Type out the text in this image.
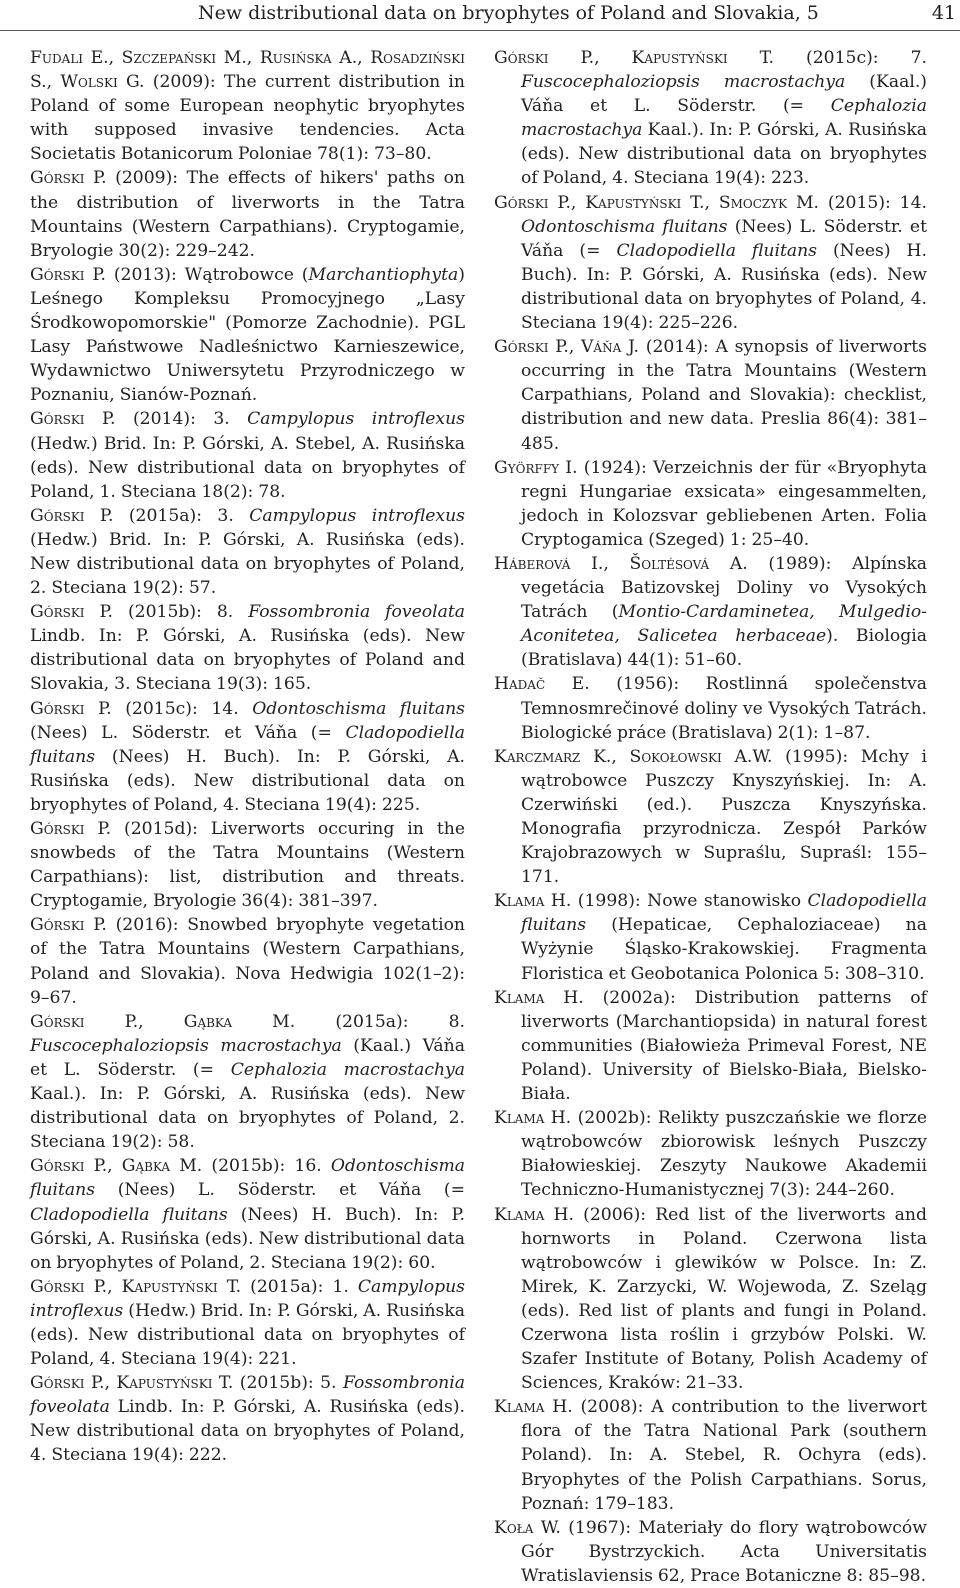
New distributional data on bryophytes of Poland and Slovakia, 5	41

Fudali E., Szczepański M., Rusińska A., Rosadziński S., Wolski G. (2009): The current distribution in Poland of some European neophytic bryophytes with supposed invasive tendencies. Acta Societatis Botanicorum Poloniae 78(1): 73–80.

Górski P. (2009): The effects of hikers' paths on the distribution of liverworts in the Tatra Mountains (Western Carpathians). Cryptogamie, Bryologie 30(2): 229–242.

Górski P. (2013): Wątrobowce (Marchantiophyta) Leśnego Kompleksu Promocyjnego „Lasy Środkowopomorskie" (Pomorze Zachodnie). PGL Lasy Państwowe Nadleśnictwo Karnieszewice, Wydawnictwo Uniwersytetu Przyrodniczego w Poznaniu, Sianów-Poznań.

Górski P. (2014): 3. Campylopus introflexus (Hedw.) Brid. In: P. Górski, A. Stebel, A. Rusińska (eds). New distributional data on bryophytes of Poland, 1. Steciana 18(2): 78.

Górski P. (2015a): 3. Campylopus introflexus (Hedw.) Brid. In: P. Górski, A. Rusińska (eds). New distributional data on bryophytes of Poland, 2. Steciana 19(2): 57.

Górski P. (2015b): 8. Fossombronia foveolata Lindb. In: P. Górski, A. Rusińska (eds). New distributional data on bryophytes of Poland and Slovakia, 3. Steciana 19(3): 165.

Górski P. (2015c): 14. Odontoschisma fluitans (Nees) L. Söderstr. et Váňa (= Cladopodiella fluitans (Nees) H. Buch). In: P. Górski, A. Rusińska (eds). New distributional data on bryophytes of Poland, 4. Steciana 19(4): 225.

Górski P. (2015d): Liverworts occuring in the snowbeds of the Tatra Mountains (Western Carpathians): list, distribution and threats. Cryptogamie, Bryologie 36(4): 381–397.

Górski P. (2016): Snowbed bryophyte vegetation of the Tatra Mountains (Western Carpathians, Poland and Slovakia). Nova Hedwigia 102(1–2): 9–67.

Górski P., Gąbka M. (2015a): 8. Fuscocephaloziopsis macrostachya (Kaal.) Váňa et L. Söderstr. (= Cephalozia macrostachya Kaal.). In: P. Górski, A. Rusińska (eds). New distributional data on bryophytes of Poland, 2. Steciana 19(2): 58.

Górski P., Gąbka M. (2015b): 16. Odontoschisma fluitans (Nees) L. Söderstr. et Váňa (= Cladopodiella fluitans (Nees) H. Buch). In: P. Górski, A. Rusińska (eds). New distributional data on bryophytes of Poland, 2. Steciana 19(2): 60.

Górski P., Kapustyński T. (2015a): 1. Campylopus introflexus (Hedw.) Brid. In: P. Górski, A. Rusińska (eds). New distributional data on bryophytes of Poland, 4. Steciana 19(4): 221.

Górski P., Kapustyński T. (2015b): 5. Fossombronia foveolata Lindb. In: P. Górski, A. Rusińska (eds). New distributional data on bryophytes of Poland, 4. Steciana 19(4): 222.

Górski P., Kapustyński T. (2015c): 7. Fuscocephaloziopsis macrostachya (Kaal.) Váňa et L. Söderstr. (= Cephalozia macrostachya Kaal.). In: P. Górski, A. Rusińska (eds). New distributional data on bryophytes of Poland, 4. Steciana 19(4): 223.

Górski P., Kapustyński T., Smoczyk M. (2015): 14. Odontoschisma fluitans (Nees) L. Söderstr. et Váňa (= Cladopodiella fluitans (Nees) H. Buch). In: P. Górski, A. Rusińska (eds). New distributional data on bryophytes of Poland, 4. Steciana 19(4): 225–226.

Górski P., Váňa J. (2014): A synopsis of liverworts occurring in the Tatra Mountains (Western Carpathians, Poland and Slovakia): checklist, distribution and new data. Preslia 86(4): 381–485.

Györffy I. (1924): Verzeichnis der für «Bryophyta regni Hungariae exsicata» eingesammelten, jedoch in Kolozsvar gebliebenen Arten. Folia Cryptogamica (Szeged) 1: 25–40.

Háberová I., Šoltésová A. (1989): Alpínska vegetácia Batizovskej Doliny vo Vysokých Tatrách (Montio-Cardaminetea, Mulgedio-Aconitetea, Salicetea herbaceae). Biologia (Bratislava) 44(1): 51–60.

Hadač E. (1956): Rostlinná společenstva Temnosmrečinové doliny ve Vysokých Tatrách. Biologické práce (Bratislava) 2(1): 1–87.

Karczmarz K., Sokołowski A.W. (1995): Mchy i wątrobowce Puszczy Knyszyńskiej. In: A. Czerwiński (ed.). Puszcza Knyszyńska. Monografia przyrodnicza. Zespół Parków Krajobrazowych w Supraślu, Supraśl: 155–171.

Klama H. (1998): Nowe stanowisko Cladopodiella fluitans (Hepaticae, Cephaloziaceae) na Wyżynie Śląsko-Krakowskiej. Fragmenta Floristica et Geobotanica Polonica 5: 308–310.

Klama H. (2002a): Distribution patterns of liverworts (Marchantiopsida) in natural forest communities (Białowieża Primeval Forest, NE Poland). University of Bielsko-Biała, Bielsko-Biała.

Klama H. (2002b): Relikty puszczańskie we florze wątrobowców zbiorowisk leśnych Puszczy Białowieskiej. Zeszyty Naukowe Akademii Techniczno-Humanistycznej 7(3): 244–260.

Klama H. (2006): Red list of the liverworts and hornworts in Poland. Czerwona lista wątrobowców i glewików w Polsce. In: Z. Mirek, K. Zarzycki, W. Wojewoda, Z. Szeląg (eds). Red list of plants and fungi in Poland. Czerwona lista roślin i grzybów Polski. W. Szafer Institute of Botany, Polish Academy of Sciences, Kraków: 21–33.

Klama H. (2008): A contribution to the liverwort flora of the Tatra National Park (southern Poland). In: A. Stebel, R. Ochyra (eds). Bryophytes of the Polish Carpathians. Sorus, Poznań: 179–183.

Koła W. (1967): Materiały do flory wątrobowców Gór Bystrzyckich. Acta Universitatis Wratislaviensis 62, Prace Botaniczne 8: 85–98.
